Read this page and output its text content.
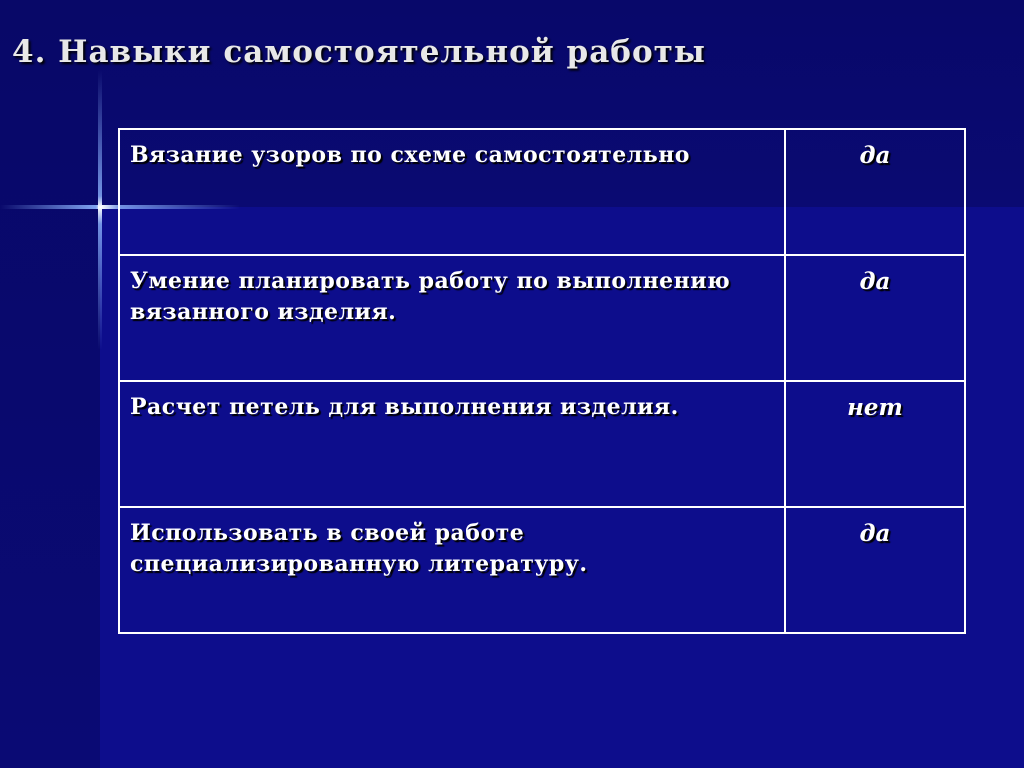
4. Навыки самостоятельной работы
Вязание узоров по схеме самостоятельно	да
Умение планировать работу по выполнению вязанного изделия.	да
Расчет петель для выполнения изделия.	нет
Использовать в своей работе специализированную литературу.	да
